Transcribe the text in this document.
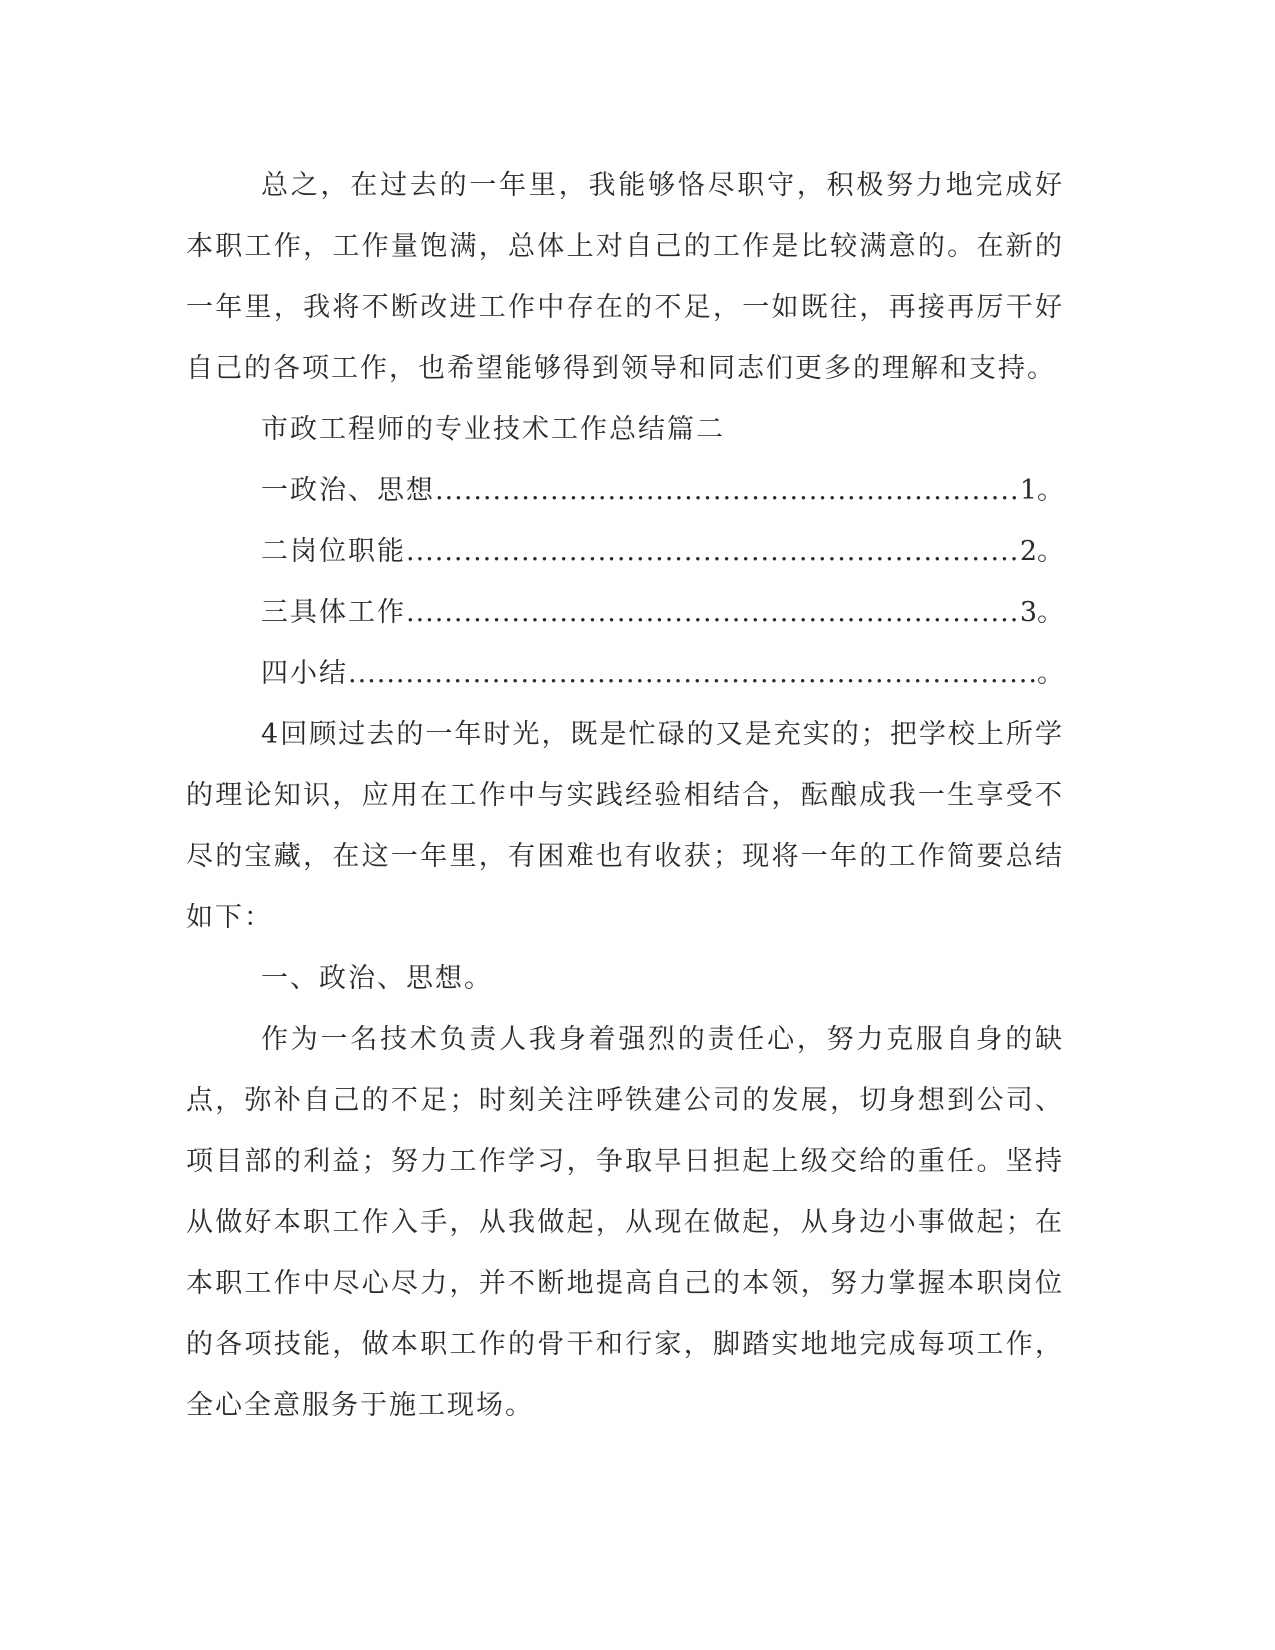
总之，在过去的一年里，我能够恪尽职守，积极努力地完成好本职工作，工作量饱满，总体上对自己的工作是比较满意的。在新的一年里，我将不断改进工作中存在的不足，一如既往，再接再厉干好自己的各项工作，也希望能够得到领导和同志们更多的理解和支持。

市政工程师的专业技术工作总结篇二

一政治、思想 .....	1。
二岗位职能 .....	2。
三具体工作 .....	3。
四小结 .....	。

4回顾过去的一年时光，既是忙碌的又是充实的；把学校上所学的理论知识，应用在工作中与实践经验相结合，酝酿成我一生享受不尽的宝藏，在这一年里，有困难也有收获；现将一年的工作简要总结如下：

一、政治、思想。

作为一名技术负责人我身着强烈的责任心，努力克服自身的缺点，弥补自己的不足；时刻关注呼铁建公司的发展，切身想到公司、项目部的利益；努力工作学习，争取早日担起上级交给的重任。坚持从做好本职工作入手，从我做起，从现在做起，从身边小事做起；在本职工作中尽心尽力，并不断地提高自己的本领，努力掌握本职岗位的各项技能，做本职工作的骨干和行家，脚踏实地地完成每项工作，全心全意服务于施工现场。
